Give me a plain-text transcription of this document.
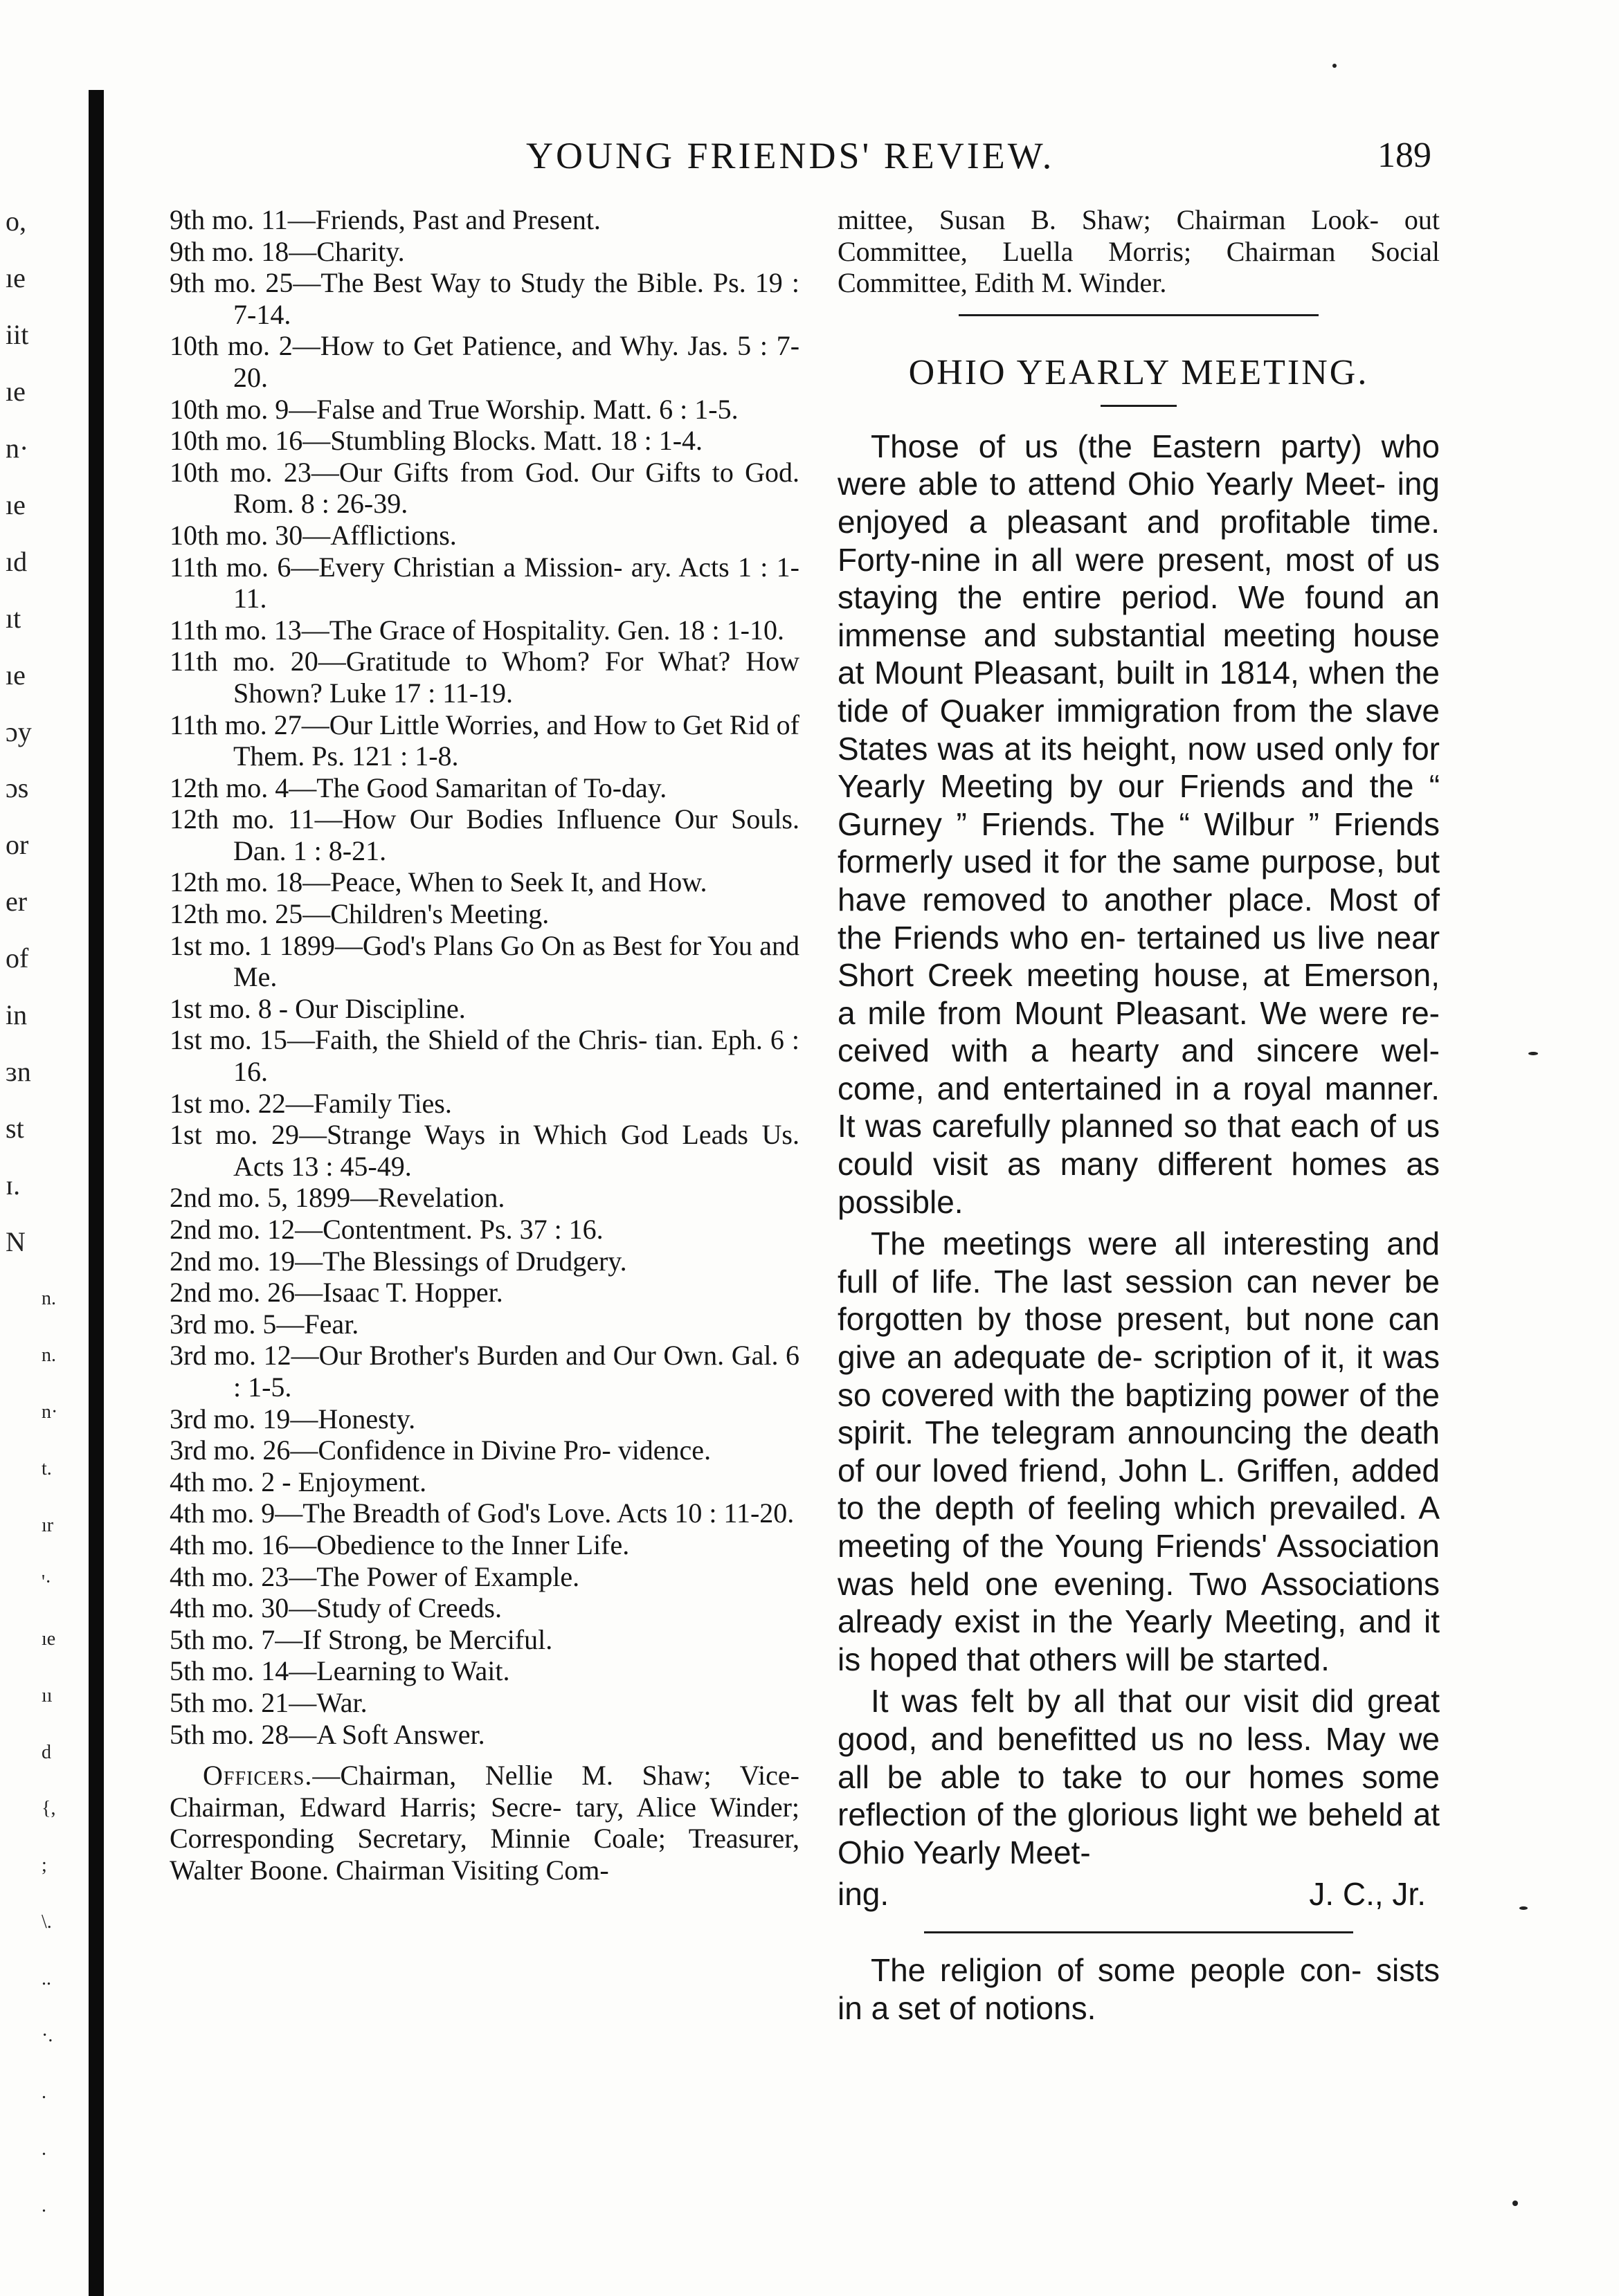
o,
ıe
iit
ıe
n·
ıe
ıd
ıt
ıe
ɔy
ɔs
or
er
of
in
ɜn
st
ɪ.
N
n.
n.
n·
t.
ır
'·
ıe
ıı
d
{,
;
\.
..
·.
.
.
.
YOUNG FRIENDS' REVIEW.	189
9th mo. 11—Friends, Past and Present.
9th mo. 18—Charity.
9th mo. 25—The Best Way to Study the Bible. Ps. 19 : 7-14.
10th mo. 2—How to Get Patience, and Why. Jas. 5 : 7-20.
10th mo. 9—False and True Worship. Matt. 6 : 1-5.
10th mo. 16—Stumbling Blocks. Matt. 18 : 1-4.
10th mo. 23—Our Gifts from God. Our Gifts to God. Rom. 8 : 26-39.
10th mo. 30—Afflictions.
11th mo. 6—Every Christian a Mission- ary. Acts 1 : 1-11.
11th mo. 13—The Grace of Hospitality. Gen. 18 : 1-10.
11th mo. 20—Gratitude to Whom? For What? How Shown? Luke 17 : 11-19.
11th mo. 27—Our Little Worries, and How to Get Rid of Them. Ps. 121 : 1-8.
12th mo. 4—The Good Samaritan of To-day.
12th mo. 11—How Our Bodies Influence Our Souls. Dan. 1 : 8-21.
12th mo. 18—Peace, When to Seek It, and How.
12th mo. 25—Children's Meeting.
1st mo. 1 1899—God's Plans Go On as Best for You and Me.
1st mo. 8 - Our Discipline.
1st mo. 15—Faith, the Shield of the Chris- tian. Eph. 6 : 16.
1st mo. 22—Family Ties.
1st mo. 29—Strange Ways in Which God Leads Us. Acts 13 : 45-49.
2nd mo. 5, 1899—Revelation.
2nd mo. 12—Contentment. Ps. 37 : 16.
2nd mo. 19—The Blessings of Drudgery.
2nd mo. 26—Isaac T. Hopper.
3rd mo. 5—Fear.
3rd mo. 12—Our Brother's Burden and Our Own. Gal. 6 : 1-5.
3rd mo. 19—Honesty.
3rd mo. 26—Confidence in Divine Pro- vidence.
4th mo. 2 - Enjoyment.
4th mo. 9—The Breadth of God's Love. Acts 10 : 11-20.
4th mo. 16—Obedience to the Inner Life.
4th mo. 23—The Power of Example.
4th mo. 30—Study of Creeds.
5th mo. 7—If Strong, be Merciful.
5th mo. 14—Learning to Wait.
5th mo. 21—War.
5th mo. 28—A Soft Answer.
Officers.—Chairman, Nellie M. Shaw; Vice-Chairman, Edward Harris; Secre- tary, Alice Winder; Corresponding Secretary, Minnie Coale; Treasurer, Walter Boone. Chairman Visiting Com-
mittee, Susan B. Shaw; Chairman Look- out Committee, Luella Morris; Chairman Social Committee, Edith M. Winder.
OHIO YEARLY MEETING.
Those of us (the Eastern party) who were able to attend Ohio Yearly Meet- ing enjoyed a pleasant and profitable time. Forty-nine in all were present, most of us staying the entire period. We found an immense and substantial meeting house at Mount Pleasant, built in 1814, when the tide of Quaker immigration from the slave States was at its height, now used only for Yearly Meeting by our Friends and the “ Gurney ” Friends. The “ Wilbur ” Friends formerly used it for the same purpose, but have removed to another place. Most of the Friends who en- tertained us live near Short Creek meeting house, at Emerson, a mile from Mount Pleasant. We were re- ceived with a hearty and sincere wel- come, and entertained in a royal manner. It was carefully planned so that each of us could visit as many different homes as possible.
The meetings were all interesting and full of life. The last session can never be forgotten by those present, but none can give an adequate de- scription of it, it was so covered with the baptizing power of the spirit. The telegram announcing the death of our loved friend, John L. Griffen, added to the depth of feeling which prevailed. A meeting of the Young Friends' Association was held one evening. Two Associations already exist in the Yearly Meeting, and it is hoped that others will be started.
It was felt by all that our visit did great good, and benefitted us no less. May we all be able to take to our homes some reflection of the glorious light we beheld at Ohio Yearly Meet-
ing.	J. C., Jr.
The religion of some people con- sists in a set of notions.
